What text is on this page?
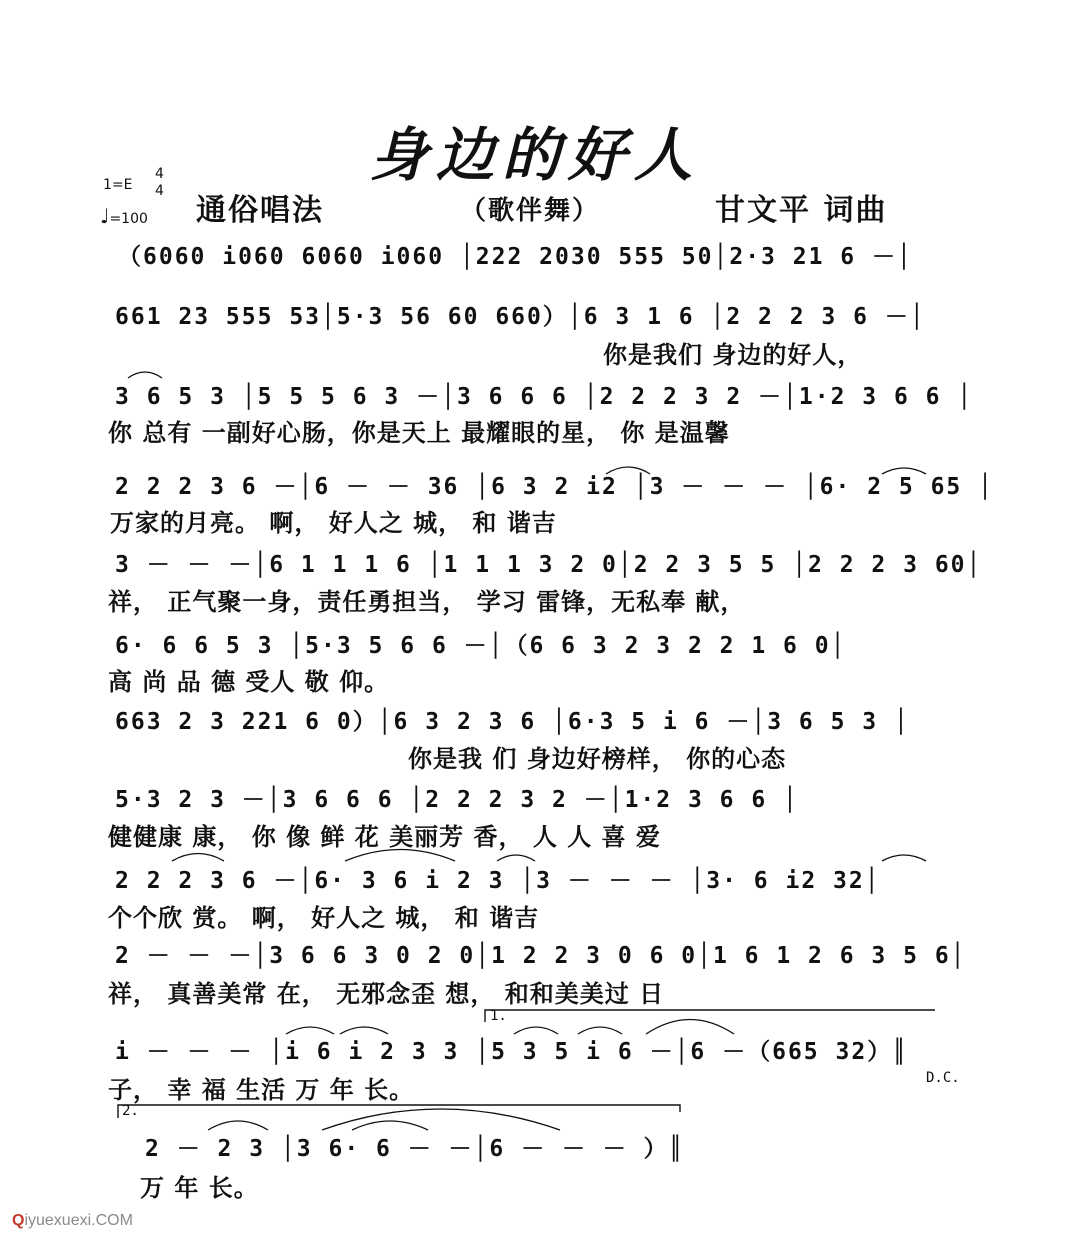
身边的好人
1=E
4
4
♩=100 通俗唱法	（歌伴舞）	甘文平 词曲
（6060 i060 6060 i060 │222 2030 555 50│2·3 21 6 －│
661 23 555 53│5·3 56 60 660）│6 3 1 6 │2 2 2 3 6 －│
你是我们 身边的好人，
3 6 5 3 │5 5 5 6 3 －│3 6 6 6 │2 2 2 3 2 －│1·2 3 6 6 │
你 总有 一副好心肠，你是天上 最耀眼的星， 你 是温馨
2 2 2 3 6 －│6 － － 36 │6 3 2 i2 │3 － － － │6· 2 5 65 │
万家的月亮。 啊， 好人之 城， 和 谐吉
3 － － －│6 1 1 1 6 │1 1 1 3 2 0│2 2 3 5 5 │2 2 2 3 60│
祥， 正气聚一身，责任勇担当， 学习 雷锋，无私奉 献，
6· 6 6 5 3 │5·3 5 6 6 －│（6 6 3 2 3 2 2 1 6 0│
高 尚 品 德 受人 敬 仰。
663 2 3 221 6 0）│6 3 2 3 6 │6·3 5 i 6 －│3 6 5 3 │
你是我 们 身边好榜样， 你的心态
5·3 2 3 －│3 6 6 6 │2 2 2 3 2 －│1·2 3 6 6 │
健健康 康， 你 像 鲜 花 美丽芳 香， 人 人 喜 爱
2 2 2 3 6 －│6· 3 6 i 2 3 │3 － － － │3· 6 i2 32│
个个欣 赏。 啊， 好人之 城， 和 谐吉
2 － － －│3 6 6 3 0 2 0│1 2 2 3 0 6 0│1 6 1 2 6 3 5 6│
祥， 真善美常 在， 无邪念歪 想， 和和美美过 日
1.
i － － － │i 6 i 2 3 3 │5 3 5 i 6 －│6 －（665 32）║
子， 幸 福 生活 万 年 长。	D.C.
2.
2 － 2 3 │3 6· 6 － －│6 － － － ）║
万 年 长。
Qiyuexuexi.COM
